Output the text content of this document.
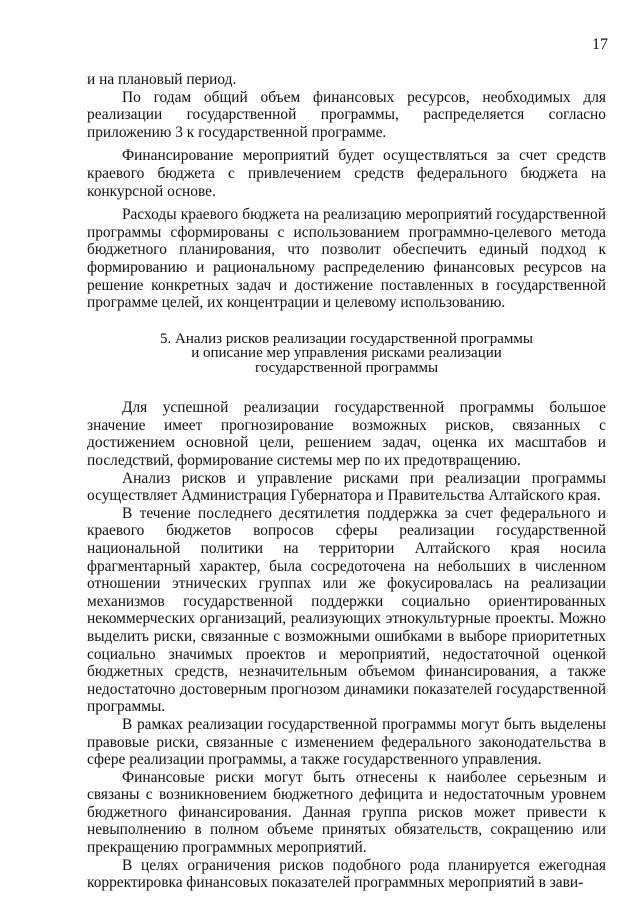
17

и на плановый период.

По годам общий объем финансовых ресурсов, необходимых для реализации государственной программы, распределяется согласно приложению 3 к государственной программе.

Финансирование мероприятий будет осуществляться за счет средств краевого бюджета с привлечением средств федерального бюджета на конкурсной основе.

Расходы краевого бюджета на реализацию мероприятий государственной программы сформированы с использованием программно-целевого метода бюджетного планирования, что позволит обеспечить единый подход к формированию и рациональному распределению финансовых ресурсов на решение конкретных задач и достижение поставленных в государственной программе целей, их концентрации и целевому использованию.

5. Анализ рисков реализации государственной программы
и описание мер управления рисками реализации
государственной программы

Для успешной реализации государственной программы большое значение имеет прогнозирование возможных рисков, связанных с достижением основной цели, решением задач, оценка их масштабов и последствий, формирование системы мер по их предотвращению.

Анализ рисков и управление рисками при реализации программы осуществляет Администрация Губернатора и Правительства Алтайского края.

В течение последнего десятилетия поддержка за счет федерального и краевого бюджетов вопросов сферы реализации государственной национальной политики на территории Алтайского края носила фрагментарный характер, была сосредоточена на небольших в численном отношении этнических группах или же фокусировалась на реализации механизмов государственной поддержки социально ориентированных некоммерческих организаций, реализующих этнокультурные проекты. Можно выделить риски, связанные с возможными ошибками в выборе приоритетных социально значимых проектов и мероприятий, недостаточной оценкой бюджетных средств, незначительным объемом финансирования, а также недостаточно достоверным прогнозом динамики показателей государственной программы.

В рамках реализации государственной программы могут быть выделены правовые риски, связанные с изменением федерального законодательства в сфере реализации программы, а также государственного управления.

Финансовые риски могут быть отнесены к наиболее серьезным и связаны с возникновением бюджетного дефицита и недостаточным уровнем бюджетного финансирования. Данная группа рисков может привести к невыполнению в полном объеме принятых обязательств, сокращению или прекращению программных мероприятий.

В целях ограничения рисков подобного рода планируется ежегодная корректировка финансовых показателей программных мероприятий в зави-
